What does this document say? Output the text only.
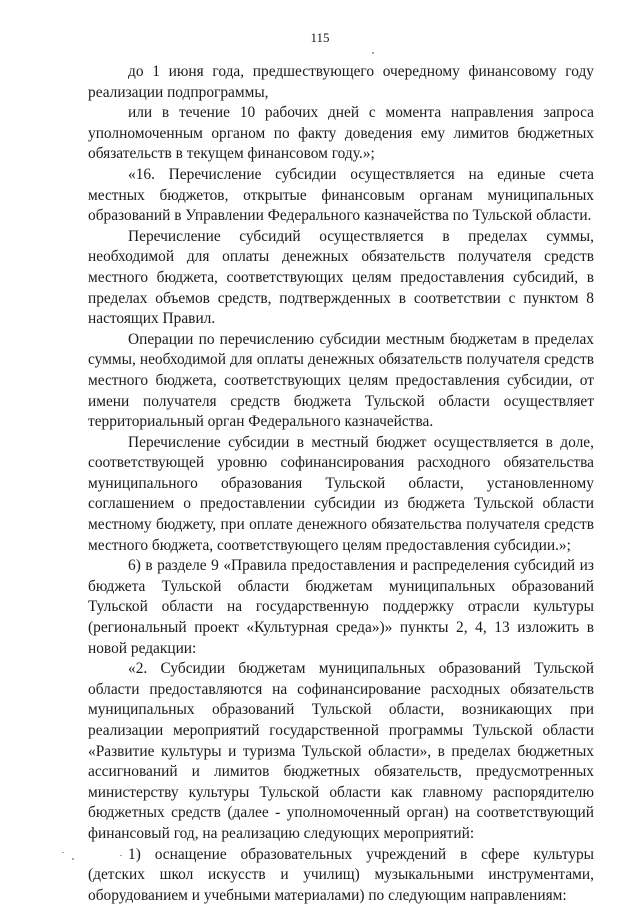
115

до 1 июня года, предшествующего очередному финансовому году реализации подпрограммы,

или в течение 10 рабочих дней с момента направления запроса уполномоченным органом по факту доведения ему лимитов бюджетных обязательств в текущем финансовом году.»;

«16. Перечисление субсидии осуществляется на единые счета местных бюджетов, открытые финансовым органам муниципальных образований в Управлении Федерального казначейства по Тульской области.

Перечисление субсидий осуществляется в пределах суммы, необходимой для оплаты денежных обязательств получателя средств местного бюджета, соответствующих целям предоставления субсидий, в пределах объемов средств, подтвержденных в соответствии с пунктом 8 настоящих Правил.

Операции по перечислению субсидии местным бюджетам в пределах суммы, необходимой для оплаты денежных обязательств получателя средств местного бюджета, соответствующих целям предоставления субсидии, от имени получателя средств бюджета Тульской области осуществляет территориальный орган Федерального казначейства.

Перечисление субсидии в местный бюджет осуществляется в доле, соответствующей уровню софинансирования расходного обязательства муниципального образования Тульской области, установленному соглашением о предоставлении субсидии из бюджета Тульской области местному бюджету, при оплате денежного обязательства получателя средств местного бюджета, соответствующего целям предоставления субсидии.»;

6) в разделе 9 «Правила предоставления и распределения субсидий из бюджета Тульской области бюджетам муниципальных образований Тульской области на государственную поддержку отрасли культуры (региональный проект «Культурная среда»)» пункты 2, 4, 13 изложить в новой редакции:

«2. Субсидии бюджетам муниципальных образований Тульской области предоставляются на софинансирование расходных обязательств муниципальных образований Тульской области, возникающих при реализации мероприятий государственной программы Тульской области «Развитие культуры и туризма Тульской области», в пределах бюджетных ассигнований и лимитов бюджетных обязательств, предусмотренных министерству культуры Тульской области как главному распорядителю бюджетных средств (далее - уполномоченный орган) на соответствующий финансовый год, на реализацию следующих мероприятий:

1) оснащение образовательных учреждений в сфере культуры (детских школ искусств и училищ) музыкальными инструментами, оборудованием и учебными материалами) по следующим направлениям:
